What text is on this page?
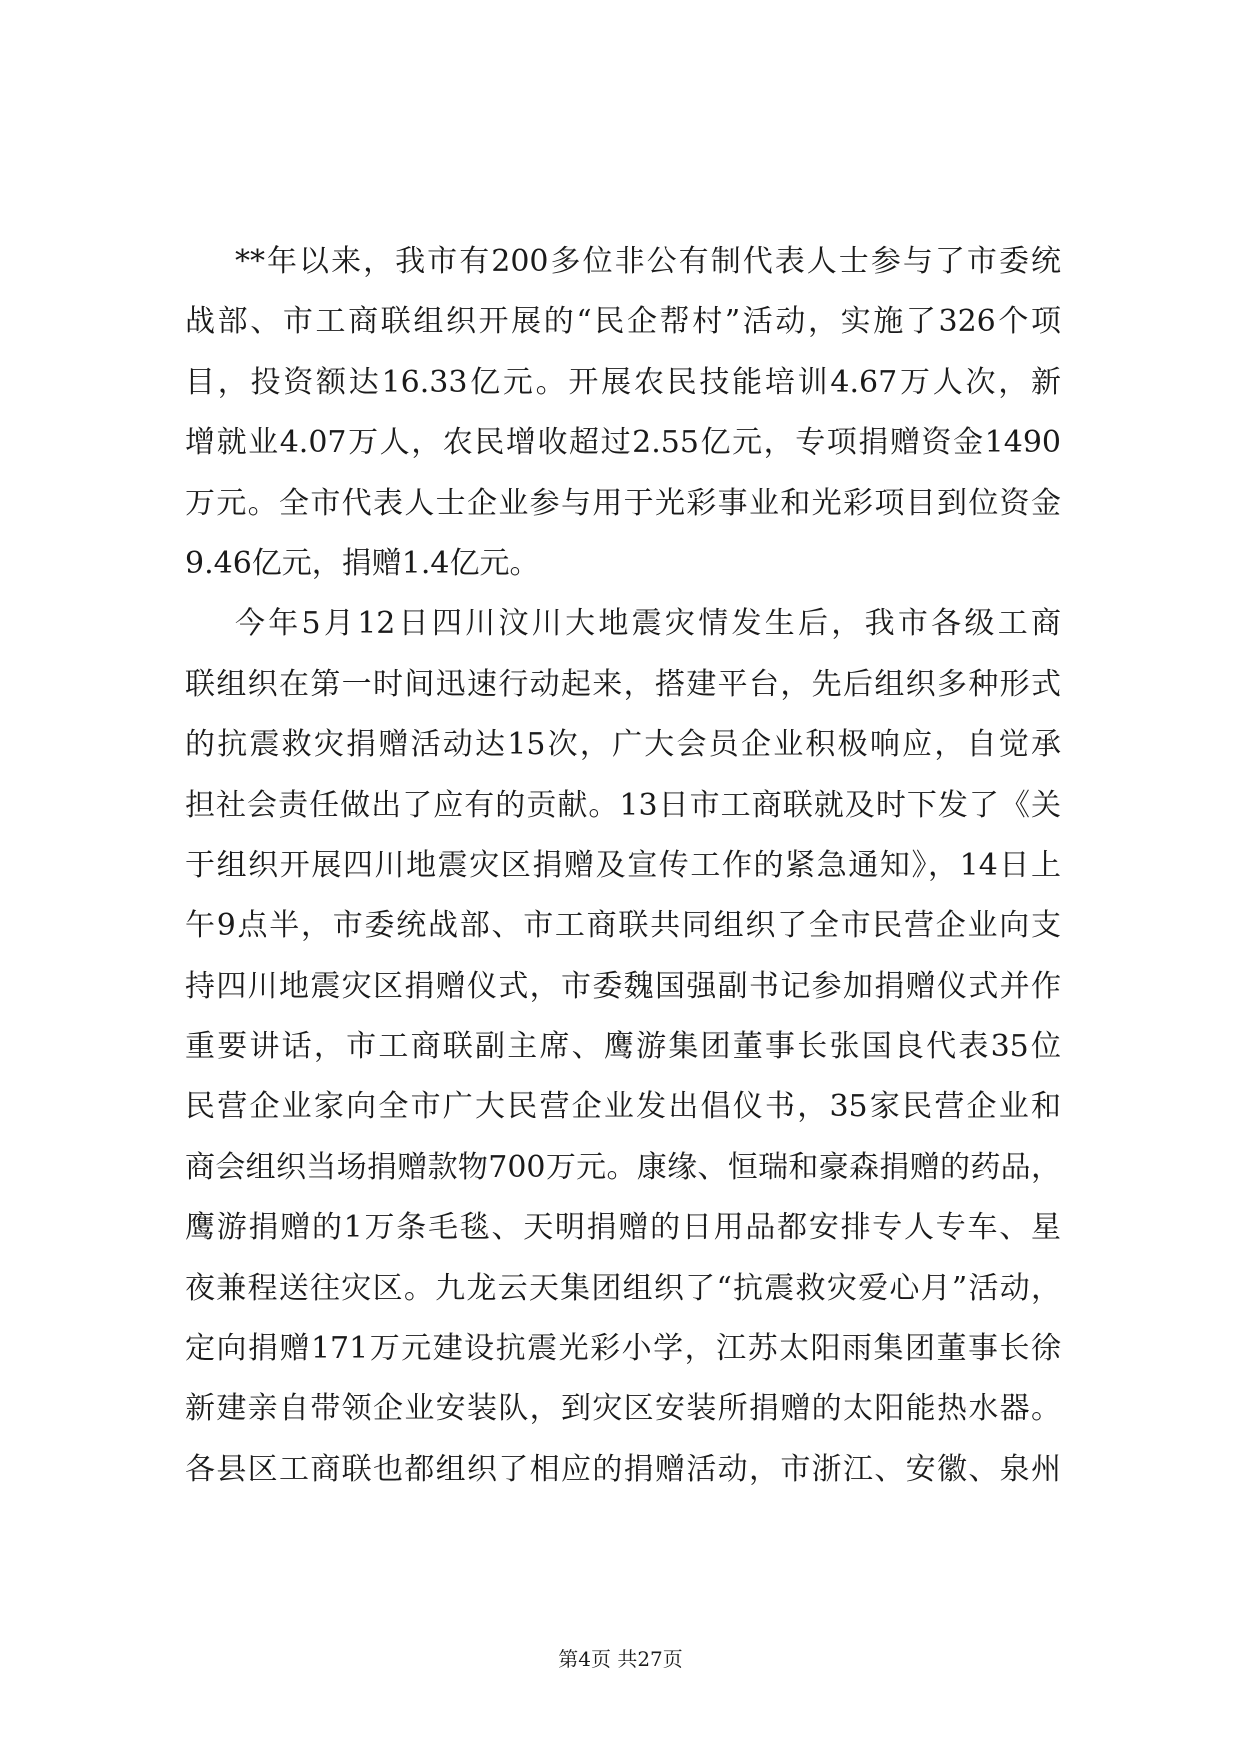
**年以来，我市有200多位非公有制代表人士参与了市委统
战部、市工商联组织开展的“民企帮村”活动，实施了326个项
目，投资额达16.33亿元。开展农民技能培训4.67万人次，新
增就业4.07万人，农民增收超过2.55亿元，专项捐赠资金1490
万元。全市代表人士企业参与用于光彩事业和光彩项目到位资金
9.46亿元，捐赠1.4亿元。
今年5月12日四川汶川大地震灾情发生后，我市各级工商
联组织在第一时间迅速行动起来，搭建平台，先后组织多种形式
的抗震救灾捐赠活动达15次，广大会员企业积极响应，自觉承
担社会责任做出了应有的贡献。13日市工商联就及时下发了《关
于组织开展四川地震灾区捐赠及宣传工作的紧急通知》，14日上
午9点半，市委统战部、市工商联共同组织了全市民营企业向支
持四川地震灾区捐赠仪式，市委魏国强副书记参加捐赠仪式并作
重要讲话，市工商联副主席、鹰游集团董事长张国良代表35位
民营企业家向全市广大民营企业发出倡仪书，35家民营企业和
商会组织当场捐赠款物700万元。康缘、恒瑞和豪森捐赠的药品，
鹰游捐赠的1万条毛毯、天明捐赠的日用品都安排专人专车、星
夜兼程送往灾区。九龙云天集团组织了“抗震救灾爱心月”活动，
定向捐赠171万元建设抗震光彩小学，江苏太阳雨集团董事长徐
新建亲自带领企业安装队，到灾区安装所捐赠的太阳能热水器。
各县区工商联也都组织了相应的捐赠活动，市浙江、安徽、泉州
第4页 共27页
